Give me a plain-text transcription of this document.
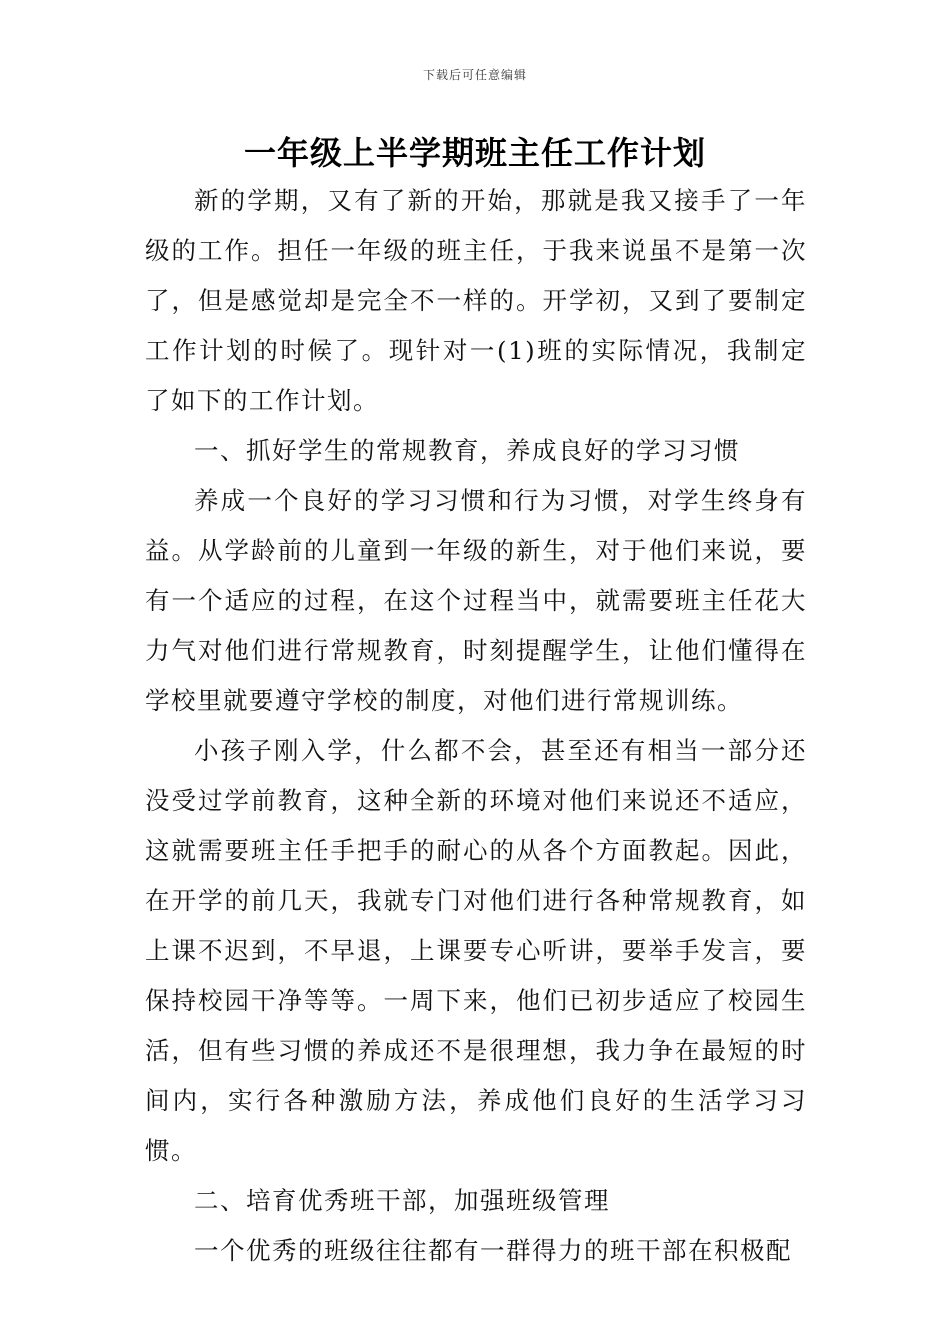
下载后可任意编辑
一年级上半学期班主任工作计划

新的学期，又有了新的开始，那就是我又接手了一年级的工作。担任一年级的班主任，于我来说虽不是第一次了，但是感觉却是完全不一样的。开学初，又到了要制定工作计划的时候了。现针对一(1)班的实际情况，我制定了如下的工作计划。

一、抓好学生的常规教育，养成良好的学习习惯

养成一个良好的学习习惯和行为习惯，对学生终身有益。从学龄前的儿童到一年级的新生，对于他们来说，要有一个适应的过程，在这个过程当中，就需要班主任花大力气对他们进行常规教育，时刻提醒学生，让他们懂得在学校里就要遵守学校的制度，对他们进行常规训练。

小孩子刚入学，什么都不会，甚至还有相当一部分还没受过学前教育，这种全新的环境对他们来说还不适应，这就需要班主任手把手的耐心的从各个方面教起。因此，在开学的前几天，我就专门对他们进行各种常规教育，如上课不迟到，不早退，上课要专心听讲，要举手发言，要保持校园干净等等。一周下来，他们已初步适应了校园生活，但有些习惯的养成还不是很理想，我力争在最短的时间内，实行各种激励方法，养成他们良好的生活学习习惯。

二、培育优秀班干部，加强班级管理

一个优秀的班级往往都有一群得力的班干部在积极配
